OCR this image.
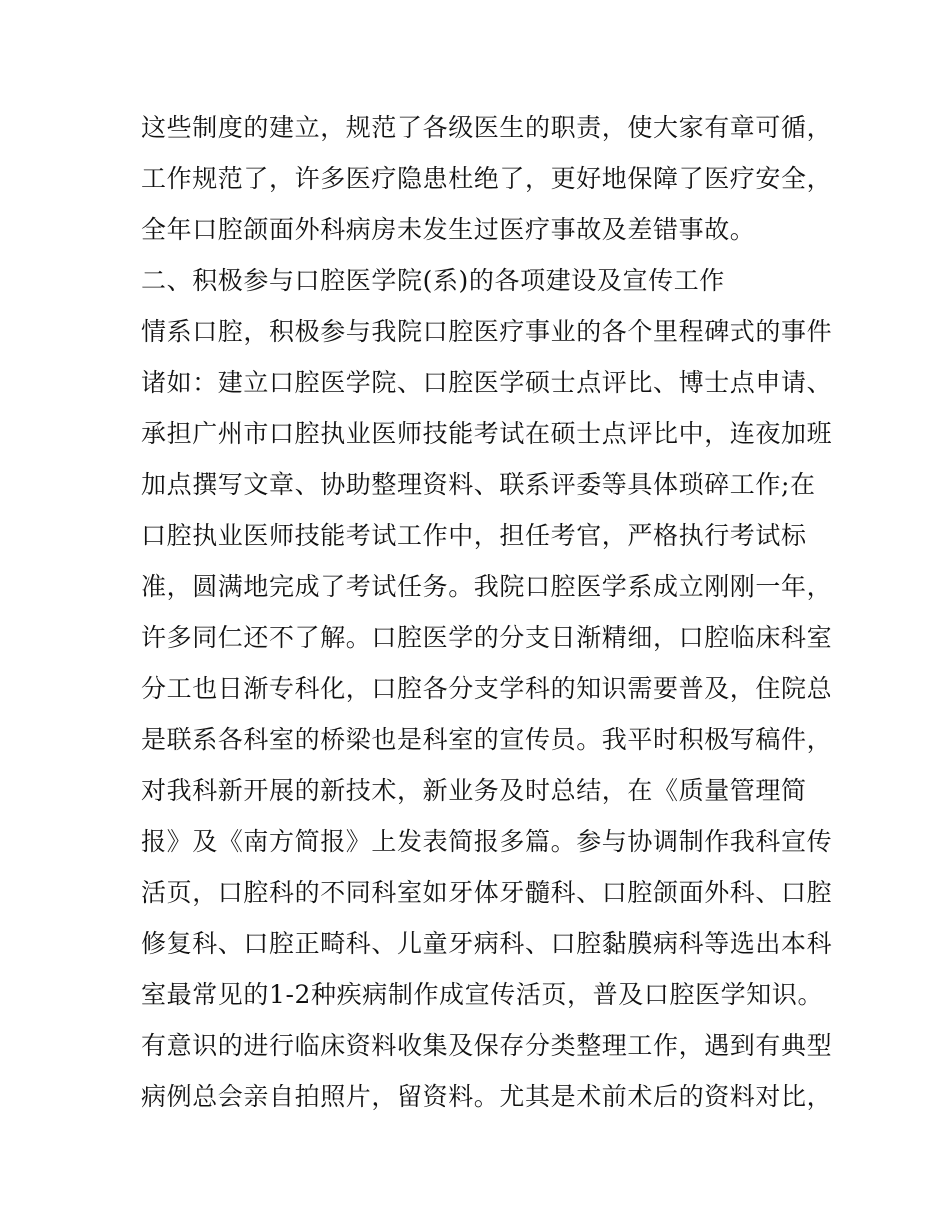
这些制度的建立，规范了各级医生的职责，使大家有章可循，
工作规范了，许多医疗隐患杜绝了，更好地保障了医疗安全，
全年口腔颌面外科病房未发生过医疗事故及差错事故。
二、积极参与口腔医学院(系)的各项建设及宣传工作
情系口腔，积极参与我院口腔医疗事业的各个里程碑式的事件
诸如：建立口腔医学院、口腔医学硕士点评比、博士点申请、
承担广州市口腔执业医师技能考试在硕士点评比中，连夜加班
加点撰写文章、协助整理资料、联系评委等具体琐碎工作;在
口腔执业医师技能考试工作中，担任考官，严格执行考试标
准，圆满地完成了考试任务。我院口腔医学系成立刚刚一年，
许多同仁还不了解。口腔医学的分支日渐精细，口腔临床科室
分工也日渐专科化，口腔各分支学科的知识需要普及，住院总
是联系各科室的桥梁也是科室的宣传员。我平时积极写稿件，
对我科新开展的新技术，新业务及时总结，在《质量管理简
报》及《南方简报》上发表简报多篇。参与协调制作我科宣传
活页，口腔科的不同科室如牙体牙髓科、口腔颌面外科、口腔
修复科、口腔正畸科、儿童牙病科、口腔黏膜病科等选出本科
室最常见的1-2种疾病制作成宣传活页，普及口腔医学知识。
有意识的进行临床资料收集及保存分类整理工作，遇到有典型
病例总会亲自拍照片，留资料。尤其是术前术后的资料对比，
